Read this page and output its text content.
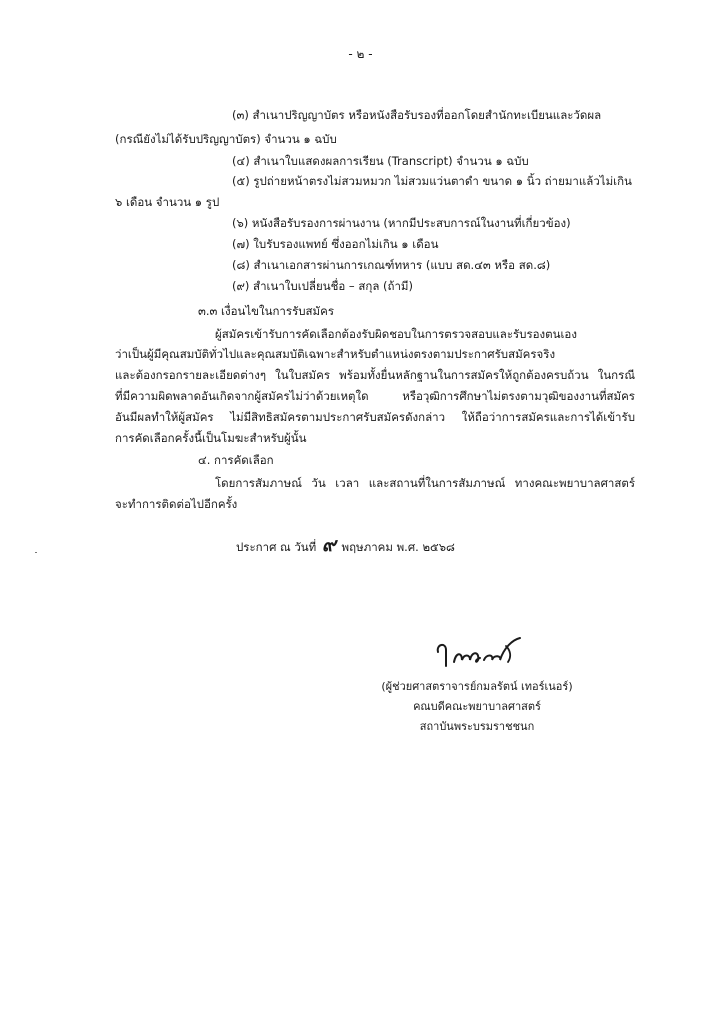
- ๒ -
(๓) สำเนาปริญญาบัตร หรือหนังสือรับรองที่ออกโดยสำนักทะเบียนและวัดผล
(กรณียังไม่ได้รับปริญญาบัตร) จำนวน ๑ ฉบับ
(๔) สำเนาใบแสดงผลการเรียน (Transcript) จำนวน ๑ ฉบับ
(๕) รูปถ่ายหน้าตรงไม่สวมหมวก ไม่สวมแว่นตาดำ ขนาด ๑ นิ้ว ถ่ายมาแล้วไม่เกิน
๖ เดือน จำนวน ๑ รูป
(๖) หนังสือรับรองการผ่านงาน (หากมีประสบการณ์ในงานที่เกี่ยวข้อง)
(๗) ใบรับรองแพทย์ ซึ่งออกไม่เกิน ๑ เดือน
(๘) สำเนาเอกสารผ่านการเกณฑ์ทหาร (แบบ สด.๔๓ หรือ สด.๘)
(๙) สำเนาใบเปลี่ยนชื่อ – สกุล (ถ้ามี)
๓.๓ เงื่อนไขในการรับสมัคร
ผู้สมัครเข้ารับการคัดเลือกต้องรับผิดชอบในการตรวจสอบและรับรองตนเอง
ว่าเป็นผู้มีคุณสมบัติทั่วไปและคุณสมบัติเฉพาะสำหรับตำแหน่งตรงตามประกาศรับสมัครจริง
และต้องกรอกรายละเอียดต่างๆ ในใบสมัคร พร้อมทั้งยื่นหลักฐานในการสมัครให้ถูกต้องครบถ้วน ในกรณี
ที่มีความผิดพลาดอันเกิดจากผู้สมัครไม่ว่าด้วยเหตุใด หรือวุฒิการศึกษาไม่ตรงตามวุฒิของงานที่สมัคร
อันมีผลทำให้ผู้สมัคร ไม่มีสิทธิสมัครตามประกาศรับสมัครดังกล่าว ให้ถือว่าการสมัครและการได้เข้ารับ
การคัดเลือกครั้งนี้เป็นโมฆะสำหรับผู้นั้น
๔. การคัดเลือก
โดยการสัมภาษณ์ วัน เวลา และสถานที่ในการสัมภาษณ์ ทางคณะพยาบาลศาสตร์
จะทำการติดต่อไปอีกครั้ง
ประกาศ ณ วันที่ ๙ พฤษภาคม พ.ศ. ๒๕๖๘
(ผู้ช่วยศาสตราจารย์กมลรัตน์ เทอร์เนอร์)
คณบดีคณะพยาบาลศาสตร์
สถาบันพระบรมราชชนก
